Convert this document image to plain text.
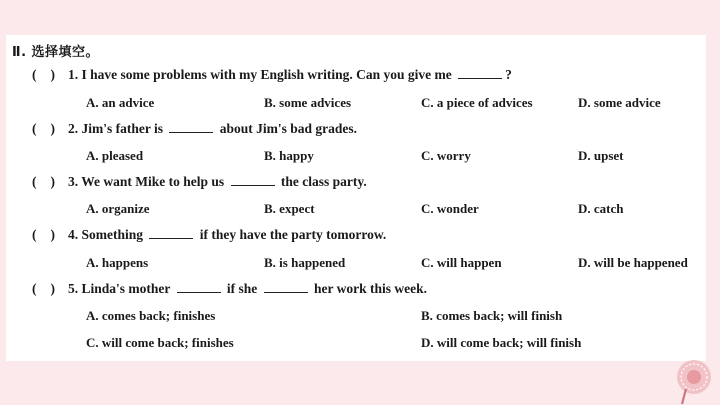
Ⅱ. 选择填空。
( ) 1. I have some problems with my English writing. Can you give me	?
A. an advice	B. some advices	C. a piece of advices	D. some advice
( ) 2. Jim's father is	about Jim's bad grades.
A. pleased	B. happy	C. worry	D. upset
( ) 3. We want Mike to help us	the class party.
A. organize	B. expect	C. wonder	D. catch
( ) 4. Something	if they have the party tomorrow.
A. happens	B. is happened	C. will happen	D. will be happened
( ) 5. Linda's mother	if she	her work this week.
A. comes back; finishes	B. comes back; will finish
C. will come back; finishes	D. will come back; will finish
